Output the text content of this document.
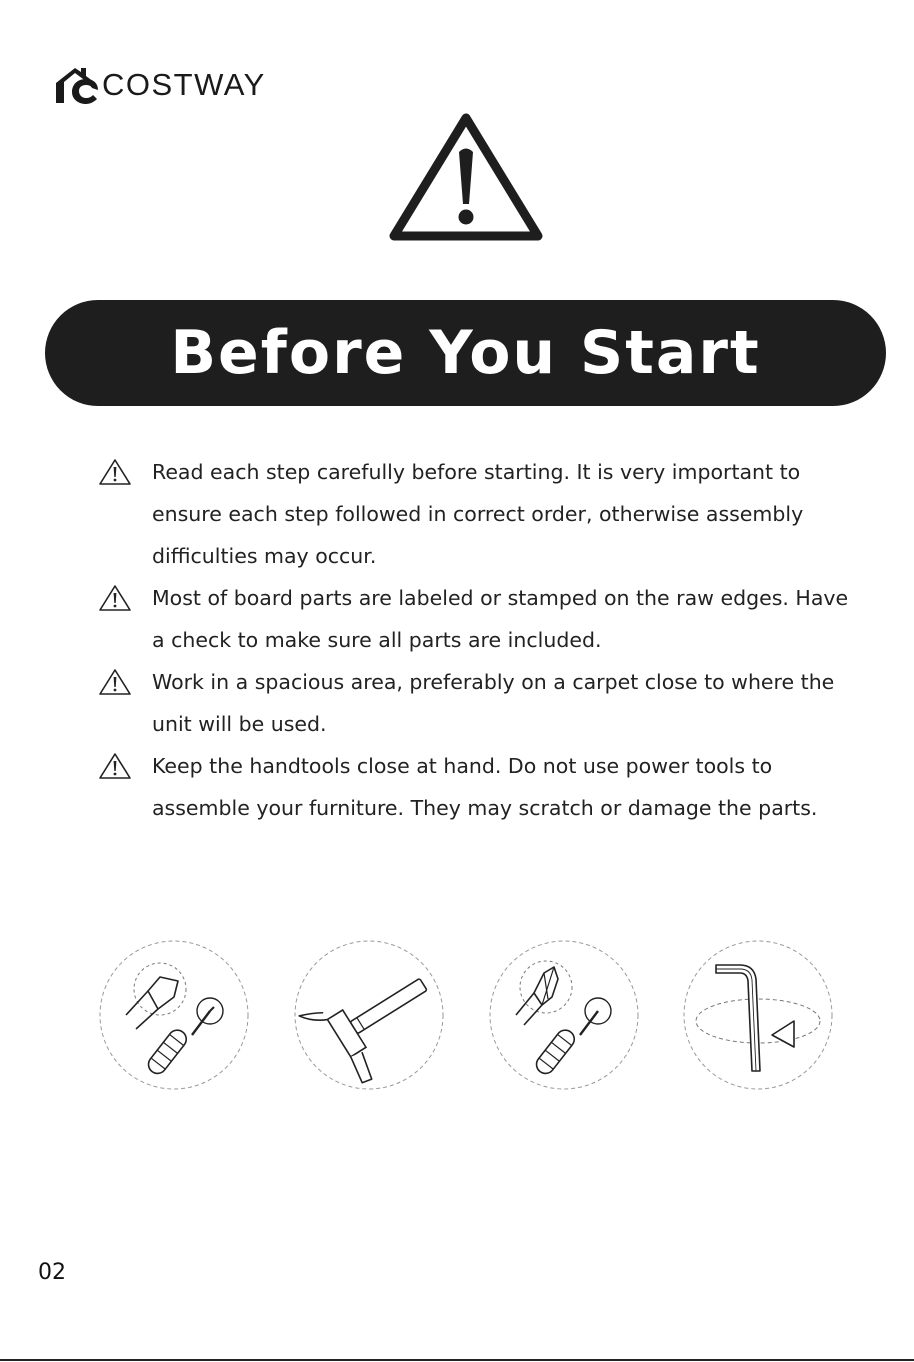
COSTWAY
Before You Start
Read each step carefully before starting. It is very important to ensure each step followed in correct order, otherwise assembly difficulties may occur.
Most of board parts are labeled or stamped on the raw edges. Have a check to make sure all parts are included.
Work in a spacious area, preferably on a carpet close to where the unit will be used.
Keep the handtools close at hand. Do not use power tools to assemble your furniture. They may scratch or damage the parts.
02
